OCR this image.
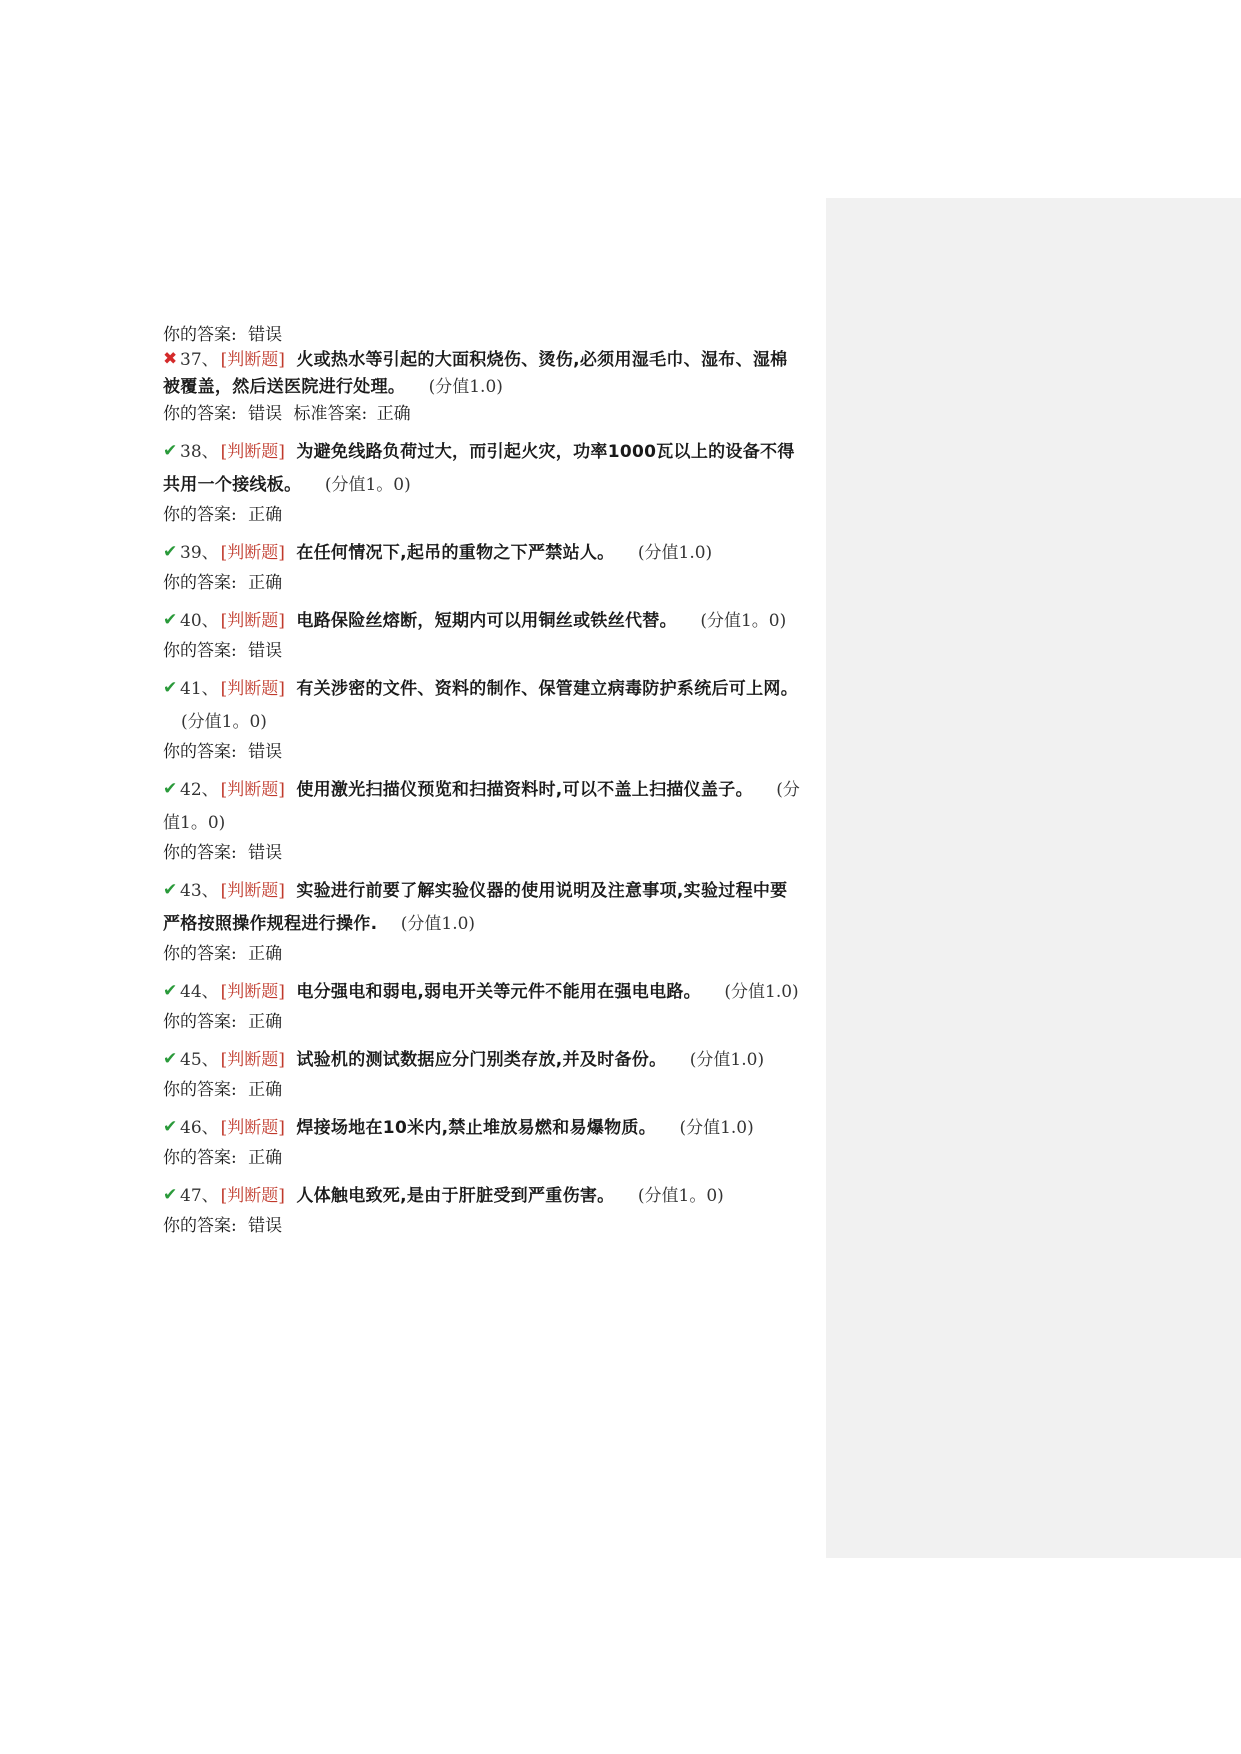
你的答案: 错误
✖ 37、 [判断题] 火或热水等引起的大面积烧伤、烫伤,必须用湿毛巾、湿布、湿棉被覆盖，然后送医院进行处理。 (分值1.0)
你的答案: 错误 标准答案: 正确
✔ 38、 [判断题] 为避免线路负荷过大，而引起火灾，功率1000瓦以上的设备不得共用一个接线板。 (分值1。0)
你的答案: 正确
✔ 39、 [判断题] 在任何情况下,起吊的重物之下严禁站人。 (分值1.0)
你的答案: 正确
✔ 40、 [判断题] 电路保险丝熔断，短期内可以用铜丝或铁丝代替。 (分值1。0)
你的答案: 错误
✔ 41、 [判断题] 有关涉密的文件、资料的制作、保管建立病毒防护系统后可上网。 (分值1。0)
你的答案: 错误
✔ 42、 [判断题] 使用激光扫描仪预览和扫描资料时,可以不盖上扫描仪盖子。 (分值1。0)
你的答案: 错误
✔ 43、 [判断题] 实验进行前要了解实验仪器的使用说明及注意事项,实验过程中要严格按照操作规程进行操作. (分值1.0)
你的答案: 正确
✔ 44、 [判断题] 电分强电和弱电,弱电开关等元件不能用在强电电路。 (分值1.0)
你的答案: 正确
✔ 45、 [判断题] 试验机的测试数据应分门别类存放,并及时备份。 (分值1.0)
你的答案: 正确
✔ 46、 [判断题] 焊接场地在10米内,禁止堆放易燃和易爆物质。 (分值1.0)
你的答案: 正确
✔ 47、 [判断题] 人体触电致死,是由于肝脏受到严重伤害。 (分值1。0)
你的答案: 错误
